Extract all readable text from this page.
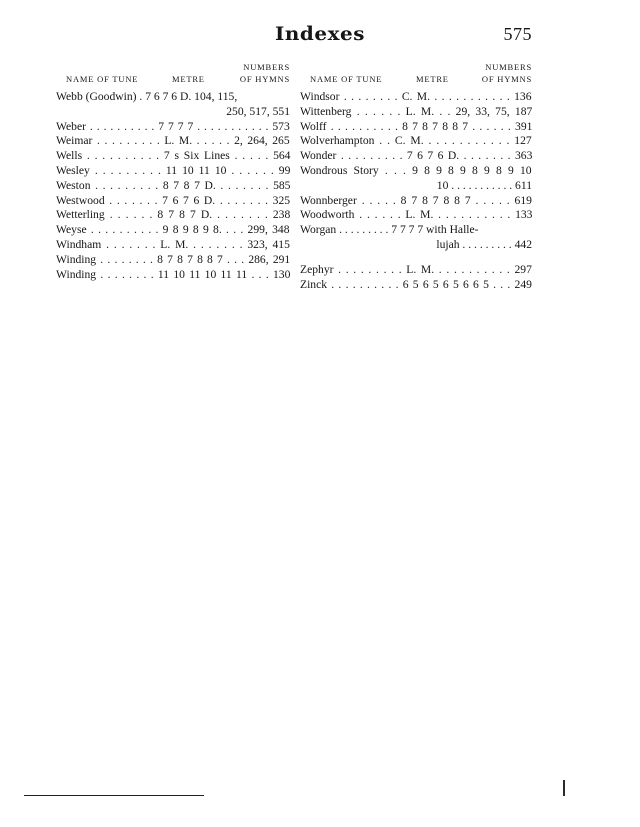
Indexes	575
NUMBERS
NAME OF TUNE	METRE	OF HYMNS
Webb (Goodwin) . 7 6 7 6 D. 104, 115,
250, 517, 551
Weber . . . . . . . . . . 7 7 7 7 . . . . . . . . . . . 573
Weimar . . . . . . . . . L. M. . . . . . 2, 264, 265
Wells . . . . . . . . . . 7 s Six Lines . . . . . 564
Wesley . . . . . . . . . 11 10 11 10 . . . . . . 99
Weston . . . . . . . . . 8 7 8 7 D. . . . . . . . 585
Westwood . . . . . . . 7 6 7 6 D. . . . . . . . 325
Wetterling . . . . . . 8 7 8 7 D. . . . . . . . 238
Weyse . . . . . . . . . . 9 8 9 8 9 8. . . . 299, 348
Windham . . . . . . . L. M. . . . . . . . 323, 415
Winding . . . . . . . . 8 7 8 7 8 8 7 . . . 286, 291
Winding . . . . . . . . 11 10 11 10 11 11 . . . 130
NUMBERS
NAME OF TUNE	METRE	OF HYMNS
Windsor . . . . . . . . C. M. . . . . . . . . . . . 136
Wittenberg . . . . . . L. M. . . 29, 33, 75, 187
Wolff . . . . . . . . . . 8 7 8 7 8 8 7 . . . . . . 391
Wolverhampton . . C. M. . . . . . . . . . . . 127
Wonder . . . . . . . . . 7 6 7 6 D. . . . . . . . 363
Wondrous Story . . . 9 8 9 8 9 8 9 8 9 10
10 . . . . . . . . . . . 611
Wonnberger . . . . . 8 7 8 7 8 8 7 . . . . . 619
Woodworth . . . . . . L. M. . . . . . . . . . . 133
Worgan . . . . . . . . . 7 7 7 7 with Halle-
lujah . . . . . . . . . 442
Zephyr . . . . . . . . . L. M. . . . . . . . . . . 297
Zinck . . . . . . . . . . 6 5 6 5 6 5 6 6 5 . . . 249
